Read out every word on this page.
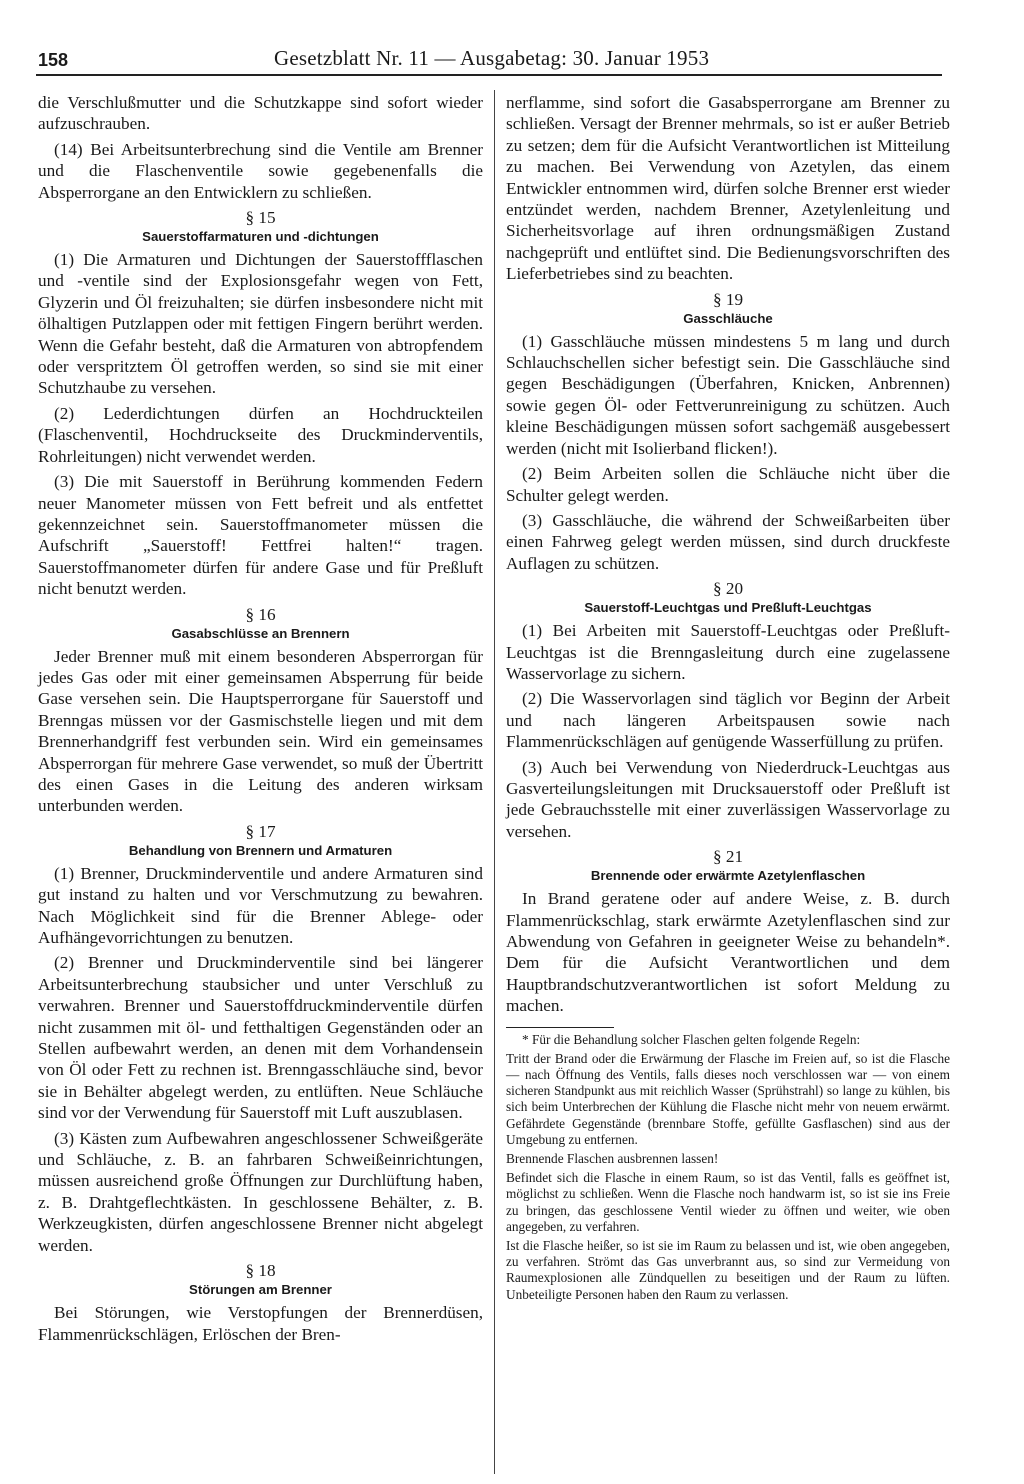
158	Gesetzblatt Nr. 11 — Ausgabetag: 30. Januar 1953

die Verschlußmutter und die Schutzkappe sind sofort wieder aufzuschrauben.

(14) Bei Arbeitsunterbrechung sind die Ventile am Brenner und die Flaschenventile sowie gegebenenfalls die Absperrorgane an den Entwicklern zu schließen.

§ 15
Sauerstoffarmaturen und -dichtungen

(1) Die Armaturen und Dichtungen der Sauerstoffflaschen und -ventile sind der Explosionsgefahr wegen von Fett, Glyzerin und Öl freizuhalten; sie dürfen insbesondere nicht mit ölhaltigen Putzlappen oder mit fettigen Fingern berührt werden. Wenn die Gefahr besteht, daß die Armaturen von abtropfendem oder verspritztem Öl getroffen werden, so sind sie mit einer Schutzhaube zu versehen.

(2) Lederdichtungen dürfen an Hochdruckteilen (Flaschenventil, Hochdruckseite des Druckminderventils, Rohrleitungen) nicht verwendet werden.

(3) Die mit Sauerstoff in Berührung kommenden Federn neuer Manometer müssen von Fett befreit und als entfettet gekennzeichnet sein. Sauerstoffmanometer müssen die Aufschrift „Sauerstoff! Fettfrei halten!“ tragen. Sauerstoffmanometer dürfen für andere Gase und für Preßluft nicht benutzt werden.

§ 16
Gasabschlüsse an Brennern

Jeder Brenner muß mit einem besonderen Absperrorgan für jedes Gas oder mit einer gemeinsamen Absperrung für beide Gase versehen sein. Die Hauptsperrorgane für Sauerstoff und Brenngas müssen vor der Gasmischstelle liegen und mit dem Brennerhandgriff fest verbunden sein. Wird ein gemeinsames Absperrorgan für mehrere Gase verwendet, so muß der Übertritt des einen Gases in die Leitung des anderen wirksam unterbunden werden.

§ 17
Behandlung von Brennern und Armaturen

(1) Brenner, Druckminderventile und andere Armaturen sind gut instand zu halten und vor Verschmutzung zu bewahren. Nach Möglichkeit sind für die Brenner Ablege- oder Aufhängevorrichtungen zu benutzen.

(2) Brenner und Druckminderventile sind bei längerer Arbeitsunterbrechung staubsicher und unter Verschluß zu verwahren. Brenner und Sauerstoffdruckminderventile dürfen nicht zusammen mit öl- und fetthaltigen Gegenständen oder an Stellen aufbewahrt werden, an denen mit dem Vorhandensein von Öl oder Fett zu rechnen ist. Brenngasschläuche sind, bevor sie in Behälter abgelegt werden, zu entlüften. Neue Schläuche sind vor der Verwendung für Sauerstoff mit Luft auszublasen.

(3) Kästen zum Aufbewahren angeschlossener Schweißgeräte und Schläuche, z. B. an fahrbaren Schweißeinrichtungen, müssen ausreichend große Öffnungen zur Durchlüftung haben, z. B. Drahtgeflechtkästen. In geschlossene Behälter, z. B. Werkzeugkisten, dürfen angeschlossene Brenner nicht abgelegt werden.

§ 18
Störungen am Brenner

Bei Störungen, wie Verstopfungen der Brennerdüsen, Flammenrückschlägen, Erlöschen der Bren-

nerflamme, sind sofort die Gasabsperrorgane am Brenner zu schließen. Versagt der Brenner mehrmals, so ist er außer Betrieb zu setzen; dem für die Aufsicht Verantwortlichen ist Mitteilung zu machen. Bei Verwendung von Azetylen, das einem Entwickler entnommen wird, dürfen solche Brenner erst wieder entzündet werden, nachdem Brenner, Azetylenleitung und Sicherheitsvorlage auf ihren ordnungsmäßigen Zustand nachgeprüft und entlüftet sind. Die Bedienungsvorschriften des Lieferbetriebes sind zu beachten.

§ 19
Gasschläuche

(1) Gasschläuche müssen mindestens 5 m lang und durch Schlauchschellen sicher befestigt sein. Die Gasschläuche sind gegen Beschädigungen (Überfahren, Knicken, Anbrennen) sowie gegen Öl- oder Fettverunreinigung zu schützen. Auch kleine Beschädigungen müssen sofort sachgemäß ausgebessert werden (nicht mit Isolierband flicken!).

(2) Beim Arbeiten sollen die Schläuche nicht über die Schulter gelegt werden.

(3) Gasschläuche, die während der Schweißarbeiten über einen Fahrweg gelegt werden müssen, sind durch druckfeste Auflagen zu schützen.

§ 20
Sauerstoff-Leuchtgas und Preßluft-Leuchtgas

(1) Bei Arbeiten mit Sauerstoff-Leuchtgas oder Preßluft-Leuchtgas ist die Brenngasleitung durch eine zugelassene Wasservorlage zu sichern.

(2) Die Wasservorlagen sind täglich vor Beginn der Arbeit und nach längeren Arbeitspausen sowie nach Flammenrückschlägen auf genügende Wasserfüllung zu prüfen.

(3) Auch bei Verwendung von Niederdruck-Leuchtgas aus Gasverteilungsleitungen mit Drucksauerstoff oder Preßluft ist jede Gebrauchsstelle mit einer zuverlässigen Wasservorlage zu versehen.

§ 21
Brennende oder erwärmte Azetylenflaschen

In Brand geratene oder auf andere Weise, z. B. durch Flammenrückschlag, stark erwärmte Azetylenflaschen sind zur Abwendung von Gefahren in geeigneter Weise zu behandeln*. Dem für die Aufsicht Verantwortlichen und dem Hauptbrandschutzverantwortlichen ist sofort Meldung zu machen.

* Für die Behandlung solcher Flaschen gelten folgende Regeln:
Tritt der Brand oder die Erwärmung der Flasche im Freien auf, so ist die Flasche — nach Öffnung des Ventils, falls dieses noch verschlossen war — von einem sicheren Standpunkt aus mit reichlich Wasser (Sprühstrahl) so lange zu kühlen, bis sich beim Unterbrechen der Kühlung die Flasche nicht mehr von neuem erwärmt. Gefährdete Gegenstände (brennbare Stoffe, gefüllte Gasflaschen) sind aus der Umgebung zu entfernen.
Brennende Flaschen ausbrennen lassen!
Befindet sich die Flasche in einem Raum, so ist das Ventil, falls es geöffnet ist, möglichst zu schließen. Wenn die Flasche noch handwarm ist, so ist sie ins Freie zu bringen, das geschlossene Ventil wieder zu öffnen und weiter, wie oben angegeben, zu verfahren.
Ist die Flasche heißer, so ist sie im Raum zu belassen und ist, wie oben angegeben, zu verfahren. Strömt das Gas unverbrannt aus, so sind zur Vermeidung von Raumexplosionen alle Zündquellen zu beseitigen und der Raum zu lüften. Unbeteiligte Personen haben den Raum zu verlassen.
